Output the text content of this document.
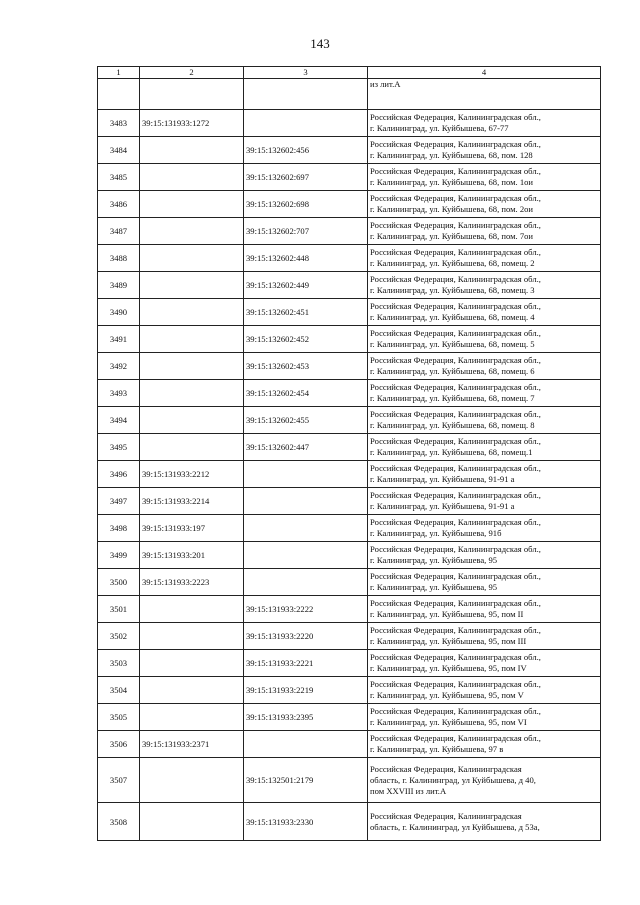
143
1	2	3	4

			из лит.А

3483	39:15:131933:1272		Российская Федерация, Калининградская обл.,
г. Калининград, ул. Куйбышева, 67-77

3484		39:15:132602:456	Российская Федерация, Калининградская обл.,
г. Калининград, ул. Куйбышева, 68, пом. 128

3485		39:15:132602:697	Российская Федерация, Калининградская обл.,
г. Калининград, ул. Куйбышева, 68, пом. 1ои

3486		39:15:132602:698	Российская Федерация, Калининградская обл.,
г. Калининград, ул. Куйбышева, 68, пом. 2ои

3487		39:15:132602:707	Российская Федерация, Калининградская обл.,
г. Калининград, ул. Куйбышева, 68, пом. 7ои

3488		39:15:132602:448	Российская Федерация, Калининградская обл.,
г. Калининград, ул. Куйбышева, 68, помещ. 2

3489		39:15:132602:449	Российская Федерация, Калининградская обл.,
г. Калининград, ул. Куйбышева, 68, помещ. 3

3490		39:15:132602:451	Российская Федерация, Калининградская обл.,
г. Калининград, ул. Куйбышева, 68, помещ. 4

3491		39:15:132602:452	Российская Федерация, Калининградская обл.,
г. Калининград, ул. Куйбышева, 68, помещ. 5

3492		39:15:132602:453	Российская Федерация, Калининградская обл.,
г. Калининград, ул. Куйбышева, 68, помещ. 6

3493		39:15:132602:454	Российская Федерация, Калининградская обл.,
г. Калининград, ул. Куйбышева, 68, помещ. 7

3494		39:15:132602:455	Российская Федерация, Калининградская обл.,
г. Калининград, ул. Куйбышева, 68, помещ. 8

3495		39:15:132602:447	Российская Федерация, Калининградская обл.,
г. Калининград, ул. Куйбышева, 68, помещ.1

3496	39:15:131933:2212		Российская Федерация, Калининградская обл.,
г. Калининград, ул. Куйбышева, 91-91 а

3497	39:15:131933:2214		Российская Федерация, Калининградская обл.,
г. Калининград, ул. Куйбышева, 91-91 а

3498	39:15:131933:197		Российская Федерация, Калининградская обл.,
г. Калининград, ул. Куйбышева, 91б

3499	39:15:131933:201		Российская Федерация, Калининградская обл.,
г. Калининград, ул. Куйбышева, 95

3500	39:15:131933:2223		Российская Федерация, Калининградская обл.,
г. Калининград, ул. Куйбышева, 95

3501		39:15:131933:2222	Российская Федерация, Калининградская обл.,
г. Калининград, ул. Куйбышева, 95, пом II

3502		39:15:131933:2220	Российская Федерация, Калининградская обл.,
г. Калининград, ул. Куйбышева, 95, пом III

3503		39:15:131933:2221	Российская Федерация, Калининградская обл.,
г. Калининград, ул. Куйбышева, 95, пом IV

3504		39:15:131933:2219	Российская Федерация, Калининградская обл.,
г. Калининград, ул. Куйбышева, 95, пом V

3505		39:15:131933:2395	Российская Федерация, Калининградская обл.,
г. Калининград, ул. Куйбышева, 95, пом VI

3506	39:15:131933:2371		Российская Федерация, Калининградская обл.,
г. Калининград, ул. Куйбышева, 97 в

3507		39:15:132501:2179	Российская Федерация, Калининградская
область, г. Калининград, ул Куйбышева, д 40,
пом XXVIII из лит.А

3508		39:15:131933:2330	Российская Федерация, Калининградская
область, г. Калининград, ул Куйбышева, д 53а,
